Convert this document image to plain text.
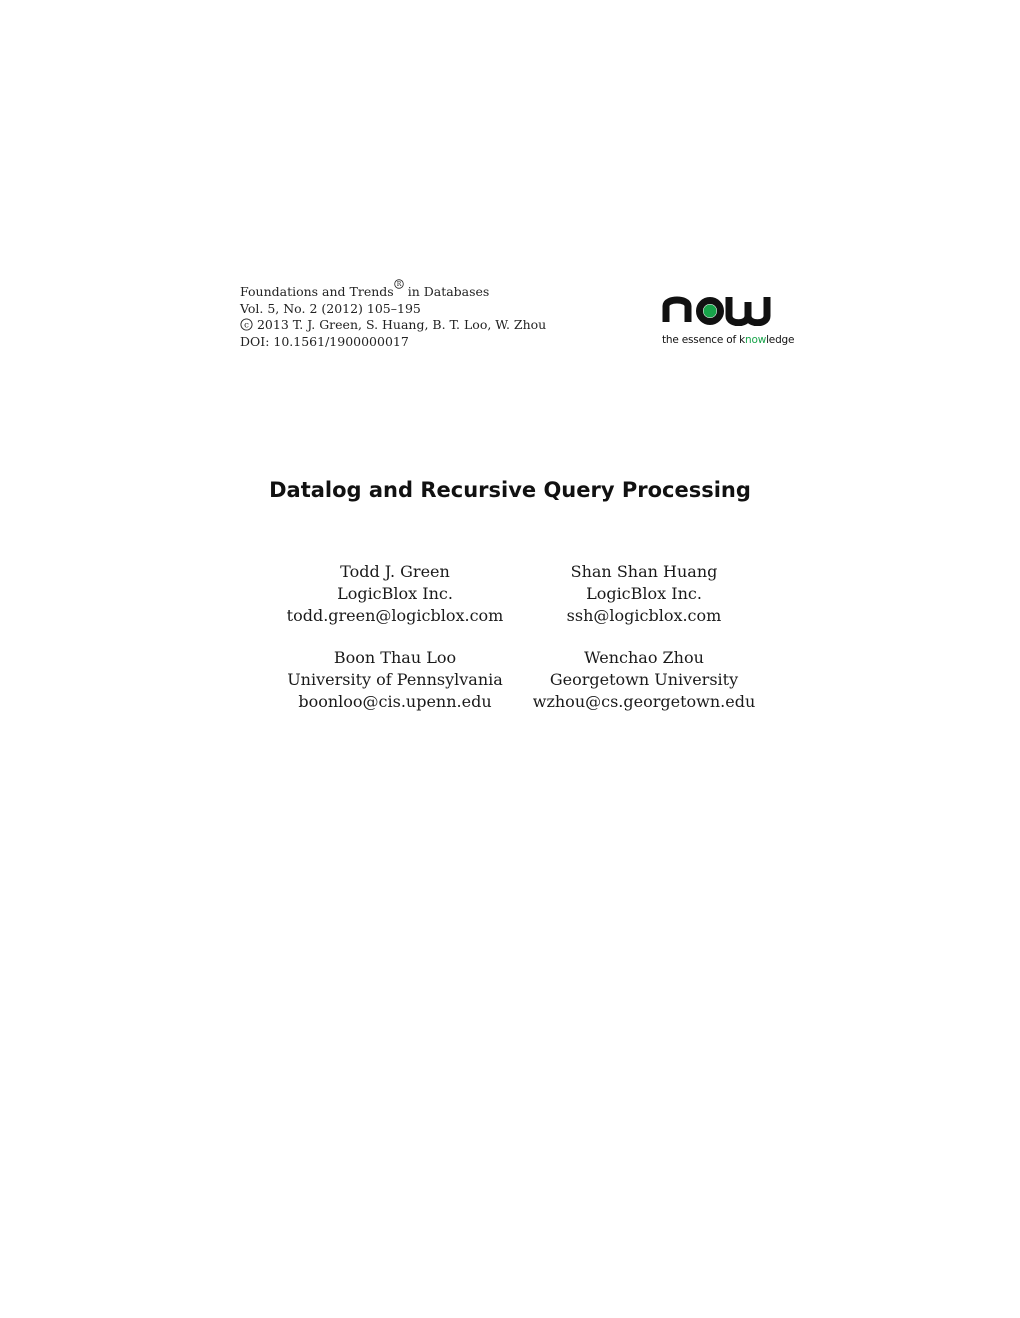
Foundations and Trends $^R$ in Databases
Vol. 5, No. 2 (2012) 105–195
c 2013 T. J. Green, S. Huang, B. T. Loo, W. Zhou
DOI: 10.1561/1900000017	the essence of knowledge
Datalog and Recursive Query Processing
Todd J. Green
LogicBlox Inc.
todd.green@logicblox.com
Shan Shan Huang
LogicBlox Inc.
ssh@logicblox.com
Boon Thau Loo
University of Pennsylvania
boonloo@cis.upenn.edu
Wenchao Zhou
Georgetown University
wzhou@cs.georgetown.edu
